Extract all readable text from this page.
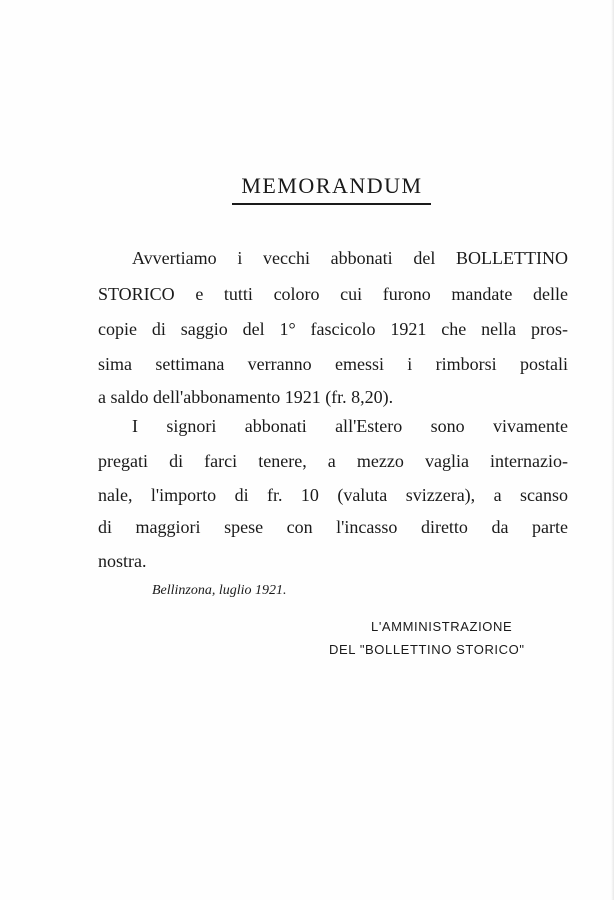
MEMORANDUM
Avvertiamo i vecchi abbonati del BOLLETTINO
STORICO e tutti coloro cui furono mandate delle
copie di saggio del 1° fascicolo 1921 che nella pros-
sima settimana verranno emessi i rimborsi postali
a saldo dell'abbonamento 1921 (fr. 8,20).
I signori abbonati all'Estero sono vivamente
pregati di farci tenere, a mezzo vaglia internazio-
nale, l'importo di fr. 10 (valuta svizzera), a scanso
di maggiori spese con l'incasso diretto da parte
nostra.
Bellinzona, luglio 1921.
L'AMMINISTRAZIONE
DEL "BOLLETTINO STORICO"
